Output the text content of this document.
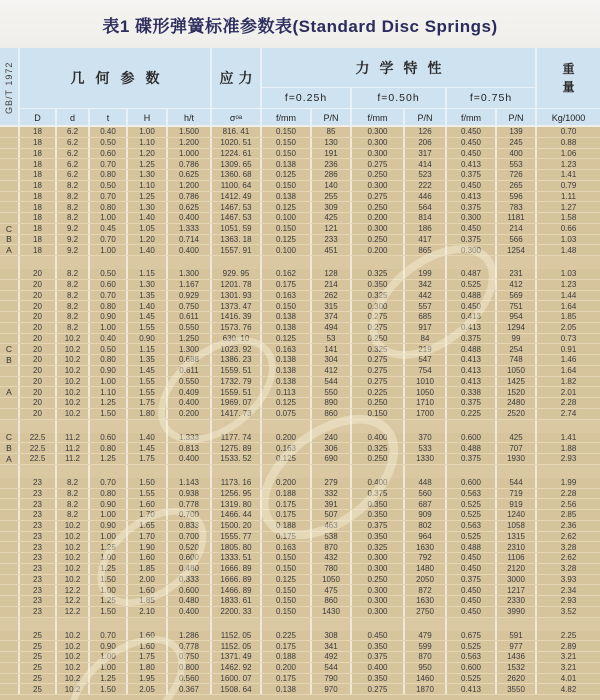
表1 碟形弹簧标准参数表(Standard Disc Springs)
GB/T 1972	几何参数	应力
力学特性	重量
f=0.25h	f=0.50h	f=0.75h
D	d	t	H	h/t	σ oa	f/mm	P/N	f/mm	P/N	f/mm	P/N	Kg/1000
18	6.2	0.40	1.00	1.500	816. 41	0.150	85	0.300	126	0.450	139	0.70
18	6.2	0.50	1.10	1.200	1020. 51	0.150	130	0.300	206	0.450	245	0.88
18	6.2	0.60	1.20	1.000	1224. 61	0.150	191	0.300	317	0.450	400	1.06
18	6.2	0.70	1.25	0.786	1309. 65	0.138	236	0.275	414	0.413	553	1.23
18	6.2	0.80	1.30	0.625	1360. 68	0.125	286	0.250	523	0.375	726	1.41
18	8.2	0.50	1.10	1.200	1100. 64	0.150	140	0.300	222	0.450	265	0.79
18	8.2	0.70	1.25	0.786	1412. 49	0.138	255	0.275	446	0.413	596	1.11
18	8.2	0.80	1.30	0.625	1467. 53	0.125	309	0.250	564	0.375	783	1.27
18	8.2	1.00	1.40	0.400	1467. 53	0.100	425	0.200	814	0.300	1181	1.58
C	18	9.2	0.45	1.05	1.333	1051. 59	0.150	121	0.300	186	0.450	214	0.66
B	18	9.2	0.70	1.20	0.714	1363. 18	0.125	233	0.250	417	0.375	566	1.03
A	18	9.2	1.00	1.40	0.400	1557. 91	0.100	451	0.200	865	0.300	1254	1.48
20	8.2	0.50	1.15	1.300	929. 95	0.162	128	0.325	199	0.487	231	1.03
20	8.2	0.60	1.30	1.167	1201. 78	0.175	214	0.350	342	0.525	412	1.23
20	8.2	0.70	1.35	0.929	1301. 93	0.163	262	0.325	442	0.488	569	1.44
20	8.2	0.80	1.40	0.750	1373. 47	0.150	315	0.300	557	0.450	751	1.64
20	8.2	0.90	1.45	0.611	1416. 39	0.138	374	0.275	685	0.413	954	1.85
20	8.2	1.00	1.55	0.550	1573. 76	0.138	494	0.275	917	0.413	1294	2.05
20	10.2	0.40	0.90	1.250	630. 10	0.125	53	0.250	84	0.375	99	0.73
C	20	10.2	0.50	1.15	1.300	1023. 92	0.163	141	0.325	219	0.488	254	0.91
B	20	10.2	0.80	1.35	0.688	1386. 23	0.138	304	0.275	547	0.413	748	1.46
20	10.2	0.90	1.45	0.611	1559. 51	0.138	412	0.275	754	0.413	1050	1.64
20	10.2	1.00	1.55	0.550	1732. 79	0.138	544	0.275	1010	0.413	1425	1.82
A	20	10.2	1.10	1.55	0.409	1559. 51	0.113	550	0.225	1050	0.338	1520	2.01
20	10.2	1.25	1.75	0.400	1969. 07	0.125	890	0.250	1710	0.375	2480	2.28
20	10.2	1.50	1.80	0.200	1417. 73	0.075	860	0.150	1700	0.225	2520	2.74
C	22.5	11.2	0.60	1.40	1.333	1177. 74	0.200	240	0.400	370	0.600	425	1.41
B	22.5	11.2	0.80	1.45	0.813	1275. 89	0.163	306	0.325	533	0.488	707	1.88
A	22.5	11.2	1.25	1.75	0.400	1533. 52	0.125	690	0.250	1330	0.375	1930	2.93
23	8.2	0.70	1.50	1.143	1173. 16	0.200	279	0.400	448	0.600	544	1.99
23	8.2	0.80	1.55	0.938	1256. 95	0.188	332	0.375	560	0.563	719	2.28
23	8.2	0.90	1.60	0.778	1319. 80	0.175	391	0.350	687	0.525	919	2.56
23	8.2	1.00	1.70	0.700	1466. 44	0.175	507	0.350	909	0.525	1240	2.85
23	10.2	0.90	1.65	0.833	1500. 20	0.188	463	0.375	802	0.563	1058	2.36
23	10.2	1.00	1.70	0.700	1555. 77	0.175	538	0.350	964	0.525	1315	2.62
23	10.2	1.25	1.90	0.520	1805. 80	0.163	870	0.325	1630	0.488	2310	3.28
23	10.2	1.00	1.60	0.600	1333. 51	0.150	432	0.300	792	0.450	1106	2.62
23	10.2	1.25	1.85	0.480	1666. 89	0.150	780	0.300	1480	0.450	2120	3.28
23	10.2	1.50	2.00	0.333	1666. 89	0.125	1050	0.250	2050	0.375	3000	3.93
23	12.2	1.00	1.60	0.600	1466. 89	0.150	475	0.300	872	0.450	1217	2.34
23	12.2	1.25	1.85	0.480	1833. 61	0.150	860	0.300	1630	0.450	2330	2.93
23	12.2	1.50	2.10	0.400	2200. 33	0.150	1430	0.300	2750	0.450	3990	3.52
25	10.2	0.70	1.60	1.286	1152. 05	0.225	308	0.450	479	0.675	591	2.25
25	10.2	0.90	1.60	0.778	1152. 05	0.175	341	0.350	599	0.525	977	2.89
25	10.2	1.00	1.75	0.750	1371. 49	0.188	492	0.375	870	0.563	1436	3.21
25	10.2	1.00	1.80	0.800	1462. 92	0.200	544	0.400	950	0.600	1532	3.21
25	10.2	1.25	1.95	0.560	1600. 07	0.175	790	0.350	1460	0.525	2620	4.01
25	10.2	1.50	2.05	0.367	1508. 64	0.138	970	0.275	1870	0.413	3550	4.82
